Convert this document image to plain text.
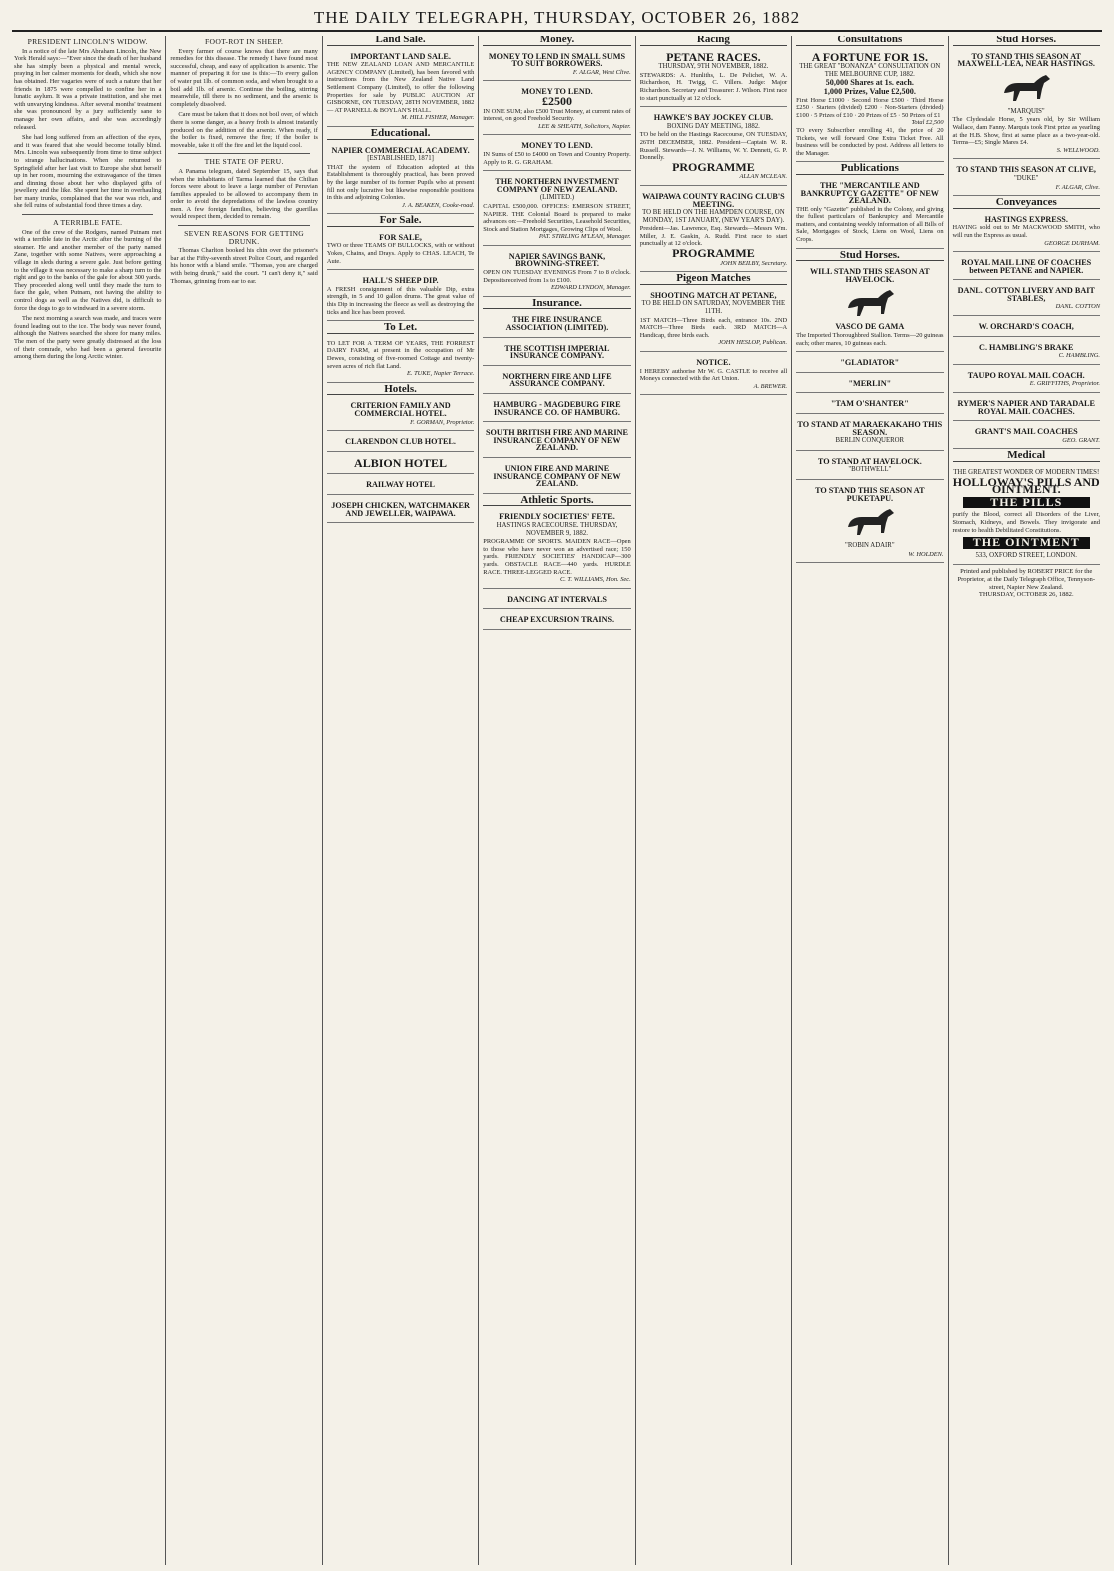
THE DAILY TELEGRAPH, THURSDAY, OCTOBER 26, 1882
PRESIDENT LINCOLN'S WIDOW.

In a notice of the late Mrs Abraham Lincoln, the New York Herald says:—"Ever since the death of her husband she has simply been a physical and mental wreck, praying in her calmer moments for death, which she now has obtained. Her vagaries were of such a nature that her friends in 1875 were compelled to confine her in a lunatic asylum. It was a private institution, and she met with unvarying kindness. After several months' treatment she was pronounced by a jury sufficiently sane to manage her own affairs, and she was accordingly released.

She had long suffered from an affection of the eyes, and it was feared that she would become totally blind. Mrs. Lincoln was subsequently from time to time subject to strange hallucinations. When she returned to Springfield after her last visit to Europe she shut herself up in her room, mourning the extravagance of the times and dinning those about her who displayed gifts of jewellery and the like. She spent her time in overhauling her many trunks, complained that the war was rich, and she fell ruins of substantial food three times a day.

A TERRIBLE FATE.

One of the crew of the Rodgers, named Putnam met with a terrible fate in the Arctic after the burning of the steamer. He and another member of the party named Zane, together with some Natives, were approaching a village in sleds during a severe gale. Just before getting to the village it was necessary to make a sharp turn to the right and go to the banks of the gale for about 300 yards. They proceeded along well until they made the turn to face the gale, when Putnam, not having the ability to control dogs as well as the Natives did, is difficult to force the dogs to go to windward in a severe storm.

The next morning a search was made, and traces were found leading out to the ice. The body was never found, although the Natives searched the shore for many miles. The men of the party were greatly distressed at the loss of their comrade, who had been a general favourite among them during the long Arctic winter.

FOOT-ROT IN SHEEP.

Every farmer of course knows that there are many remedies for this disease. The remedy I have found most successful, cheap, and easy of application is arsenic. The manner of preparing it for use is this:—To every gallon of water put 1lb. of common soda, and when brought to a boil add 1lb. of arsenic. Continue the boiling, stirring meanwhile, till there is no sediment, and the arsenic is completely dissolved.

Care must be taken that it does not boil over, of which there is some danger, as a heavy froth is almost instantly produced on the addition of the arsenic. When ready, if the boiler is fixed, remove the fire; if the boiler is moveable, take it off the fire and let the liquid cool.

THE STATE OF PERU.

A Panama telegram, dated September 15, says that when the inhabitants of Tarma learned that the Chilian forces were about to leave a large number of Peruvian families appealed to be allowed to accompany them in order to avoid the depredations of the lawless country men. A few foreign families, believing the guerillas would respect them, decided to remain.

SEVEN REASONS FOR GETTING DRUNK.

Thomas Charlton booked his chin over the prisoner's bar at the Fifty-seventh street Police Court, and regarded his honor with a bland smile. "Thomas, you are charged with being drunk," said the court. "I can't deny it," said Thomas, grinning from ear to ear.

Land Sale.
IMPORTANT LAND SALE.
THE NEW ZEALAND LOAN AND MERCANTILE AGENCY COMPANY (Limited), has been favored with instructions from the New Zealand Native Land Settlement Company (Limited), to offer the following Properties for sale by PUBLIC AUCTION AT GISBORNE, ON TUESDAY, 28TH NOVEMBER, 1882— AT PARNELL & BOYLAN'S HALL.
M. HILL FISHER, Manager.
Educational.
NAPIER COMMERCIAL ACADEMY.
[ESTABLISHED, 1871]
THAT the system of Education adopted at this Establishment is thoroughly practical, has been proved by the large number of its former Pupils who at present fill not only lucrative but likewise responsible positions in this and adjoining Colonies.
J. A. BEAKEN, Cooke-road.
For Sale.
FOR SALE,
TWO or three TEAMS OF BULLOCKS, with or without Yokes, Chains, and Drays. Apply to CHAS. LEACH, Te Aute.
HALL'S SHEEP DIP.
A FRESH consignment of this valuable Dip, extra strength, in 5 and 10 gallon drums. The great value of this Dip in increasing the fleece as well as destroying the ticks and lice has been proved.
To Let.
TO LET FOR A TERM OF YEARS, THE FORREST DAIRY FARM, at present in the occupation of Mr Dewes, consisting of five-roomed Cottage and twenty-seven acres of rich flat Land.
E. TUKE, Napier Terrace.
Hotels.
CRITERION FAMILY AND COMMERCIAL HOTEL.
F. GORMAN, Proprietor.
CLARENDON CLUB HOTEL.
ALBION HOTEL
RAILWAY HOTEL
JOSEPH CHICKEN, WATCHMAKER AND JEWELLER, WAIPAWA.
Money.
MONEY TO LEND IN SMALL SUMS TO SUIT BORROWERS.
F. ALGAR, West Clive.
MONEY TO LEND.
£2500
IN ONE SUM; also £500 Trust Money, at current rates of interest, on good Freehold Security.
LEE & SHEATH, Solicitors, Napier.
MONEY TO LEND.
IN Sums of £50 to £4000 on Town and Country Property. Apply to R. G. GRAHAM.
THE NORTHERN INVESTMENT COMPANY OF NEW ZEALAND.
(LIMITED.)
CAPITAL £500,000. OFFICES: EMERSON STREET, NAPIER. THE Colonial Board is prepared to make advances on:—Freehold Securities, Leasehold Securities, Stock and Station Mortgages, Growing Clips of Wool.
PAT. STIRLING M'LEAN, Manager.
NAPIER SAVINGS BANK, BROWNING-STREET.
OPEN ON TUESDAY EVENINGS From 7 to 8 o'clock. Depositsreceived from 1s to £100.
EDWARD LYNDON, Manager.
Insurance.
THE FIRE INSURANCE ASSOCIATION (LIMITED).
THE SCOTTISH IMPERIAL INSURANCE COMPANY.
NORTHERN FIRE AND LIFE ASSURANCE COMPANY.
HAMBURG - MAGDEBURG FIRE INSURANCE CO. OF HAMBURG.
SOUTH BRITISH FIRE AND MARINE INSURANCE COMPANY OF NEW ZEALAND.
UNION FIRE AND MARINE INSURANCE COMPANY OF NEW ZEALAND.
Athletic Sports.
FRIENDLY SOCIETIES' FETE.
HASTINGS RACECOURSE. THURSDAY, NOVEMBER 9, 1882.
PROGRAMME OF SPORTS. MAIDEN RACE—Open to those who have never won an advertised race; 150 yards. FRIENDLY SOCIETIES' HANDICAP—300 yards. OBSTACLE RACE—440 yards. HURDLE RACE. THREE-LEGGED RACE.
C. T. WILLIAMS, Hon. Sec.
DANCING AT INTERVALS
CHEAP EXCURSION TRAINS.
Racing
PETANE RACES.
THURSDAY, 9TH NOVEMBER, 1882.
STEWARDS: A. Hunliths, L. De Pelichet, W. A. Richardson, H. Twigg, C. Villers. Judge: Major Richardson. Secretary and Treasurer: J. Wilson. First race to start punctually at 12 o'clock.
HAWKE'S BAY JOCKEY CLUB.
BOXING DAY MEETING, 1882.
TO be held on the Hastings Racecourse, ON TUESDAY, 26TH DECEMBER, 1882. President—Captain W. R. Russell. Stewards—J. N. Williams, W. Y. Dennett, G. P. Donnelly.
PROGRAMME
ALLAN MCLEAN.
WAIPAWA COUNTY RACING CLUB'S MEETING.
TO BE HELD ON THE HAMPDEN COURSE, ON MONDAY, 1ST JANUARY, (NEW YEAR'S DAY).
President—Jas. Lawrence, Esq. Stewards—Messrs Wm. Miller, J. E. Gaskin, A. Rudd. First race to start punctually at 12 o'clock.
PROGRAMME
JOHN BEILBY, Secretary.
Pigeon Matches
SHOOTING MATCH AT PETANE,
TO BE HELD ON SATURDAY, NOVEMBER THE 11TH.
1ST MATCH—Three Birds each, entrance 10s. 2ND MATCH—Three Birds each. 3RD MATCH—A Handicap, three birds each.
JOHN HESLOP, Publican.
NOTICE.
I HEREBY authorise Mr W. G. CASTLE to receive all Moneys connected with the Art Union.
A. BREWER.
Consultations
A FORTUNE FOR 1S.
THE GREAT "BONANZA" CONSULTATION ON THE MELBOURNE CUP, 1882.
50,000 Shares at 1s. each.
1,000 Prizes, Value £2,500.
First Horse £1000 · Second Horse £500 · Third Horse £250 · Starters (divided) £200 · Non-Starters (divided) £100 · 5 Prizes of £10 · 20 Prizes of £5 · 50 Prizes of £1
Total £2,500
TO every Subscriber enrolling 41, the price of 20 Tickets, we will forward One Extra Ticket Free. All business will be conducted by post. Address all letters to the Manager.
Publications
THE "MERCANTILE AND BANKRUPTCY GAZETTE" OF NEW ZEALAND.
THE only "Gazette" published in the Colony, and giving the fullest particulars of Bankruptcy and Mercantile matters, and containing weekly information of all Bills of Sale, Mortgages of Stock, Liens on Wool, Liens on Crops.
Stud Horses.
WILL STAND THIS SEASON AT HAVELOCK.
VASCO DE GAMA
The Imported Thoroughbred Stallion. Terms—20 guineas each; other mares, 10 guineas each.
"GLADIATOR"
"MERLIN"
"TAM O'SHANTER"
TO STAND AT MARAEKAKAHO THIS SEASON.
BERLIN CONQUEROR
TO STAND AT HAVELOCK.
"BOTHWELL"
TO STAND THIS SEASON AT PUKETAPU.
"ROBIN ADAIR"
W. HOLDEN.
Stud Horses.
TO STAND THIS SEASON AT MAXWELL-LEA, NEAR HASTINGS.
"MARQUIS"
The Clydesdale Horse, 5 years old, by Sir William Wallace, dam Fanny. Marquis took First prize as yearling at the H.B. Show, first at same place as a two-year-old. Terms—£5; Single Mares £4.
S. WELLWOOD.
TO STAND THIS SEASON AT CLIVE,
"DUKE"
F. ALGAR, Clive.
Conveyances
HASTINGS EXPRESS.
HAVING sold out to Mr MACKWOOD SMITH, who will run the Express as usual.
GEORGE DURHAM.
ROYAL MAIL LINE OF COACHES between PETANE and NAPIER.
DANL. COTTON LIVERY AND BAIT STABLES,
DANL. COTTON
W. ORCHARD'S COACH,
C. HAMBLING'S BRAKE
C. HAMBLING.
TAUPO ROYAL MAIL COACH.
E. GRIFFITHS, Proprietor.
RYMER'S NAPIER AND TARADALE ROYAL MAIL COACHES.
GRANT'S MAIL COACHES
GEO. GRANT.
Medical
THE GREATEST WONDER OF MODERN TIMES!
HOLLOWAY'S PILLS AND OINTMENT.
THE PILLS
purify the Blood, correct all Disorders of the Liver, Stomach, Kidneys, and Bowels. They invigorate and restore to health Debilitated Constitutions.
THE OINTMENT
533, OXFORD STREET, LONDON.
Printed and published by ROBERT PRICE for the Proprietor, at the Daily Telegraph Office, Tennyson-street, Napier New Zealand.
THURSDAY, OCTOBER 26, 1882.
